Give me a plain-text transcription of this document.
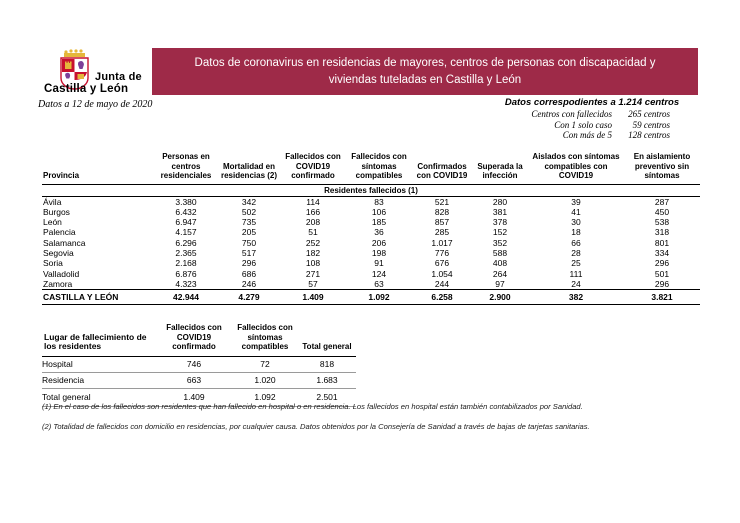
Junta de
Castilla y León
Datos a 12 de mayo de 2020
Datos de coronavirus en residencias de mayores, centros de personas con discapacidad y viviendas tuteladas en Castilla y León
Datos correspodientes a 1.214 centros
Centros con fallecidos	265 centros
Con 1 solo caso	59 centros
Con más de 5	128 centros
Provincia	Personas en centros residenciales	Mortalidad en residencias (2)	Fallecidos con COVID19 confirmado	Fallecidos con síntomas compatibles	Confirmados con COVID19	Superada la infección	Aislados con síntomas compatibles con COVID19	En aislamiento preventivo sin síntomas
Residentes fallecidos (1)								
Ávila	3.380	342	114	83	521	280	39	287
Burgos	6.432	502	166	106	828	381	41	450
León	6.947	735	208	185	857	378	30	538
Palencia	4.157	205	51	36	285	152	18	318
Salamanca	6.296	750	252	206	1.017	352	66	801
Segovia	2.365	517	182	198	776	588	28	334
Soria	2.168	296	108	91	676	408	25	296
Valladolid	6.876	686	271	124	1.054	264	111	501
Zamora	4.323	246	57	63	244	97	24	296
CASTILLA Y LEÓN	42.944	4.279	1.409	1.092	6.258	2.900	382	3.821
Lugar de fallecimiento de los residentes	Fallecidos con COVID19 confirmado	Fallecidos con síntomas compatibles	Total general
Hospital	746	72	818
Residencia	663	1.020	1.683
Total general	1.409	1.092	2.501

(1) En el caso de los fallecidos son residentes que han fallecido en hospital o en residencia. Los fallecidos en hospital están también contabilizados por Sanidad.

(2) Totalidad de fallecidos con domicilio en residencias, por cualquier causa. Datos obtenidos por la Consejería de Sanidad a través de bajas de tarjetas sanitarias.
